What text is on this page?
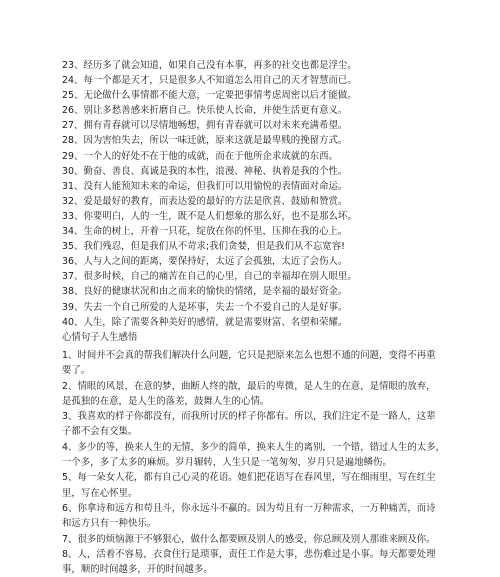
23、经历多了就会知道，如果自己没有本事，再多的社交也都是浮尘。
24、每一个都是天才，只是很多人不知道怎么用自己的天才智慧而已。
25、无论做什么事情都不能大意，一定要把事情考虑周密以后才能做。
26、别让多愁善感来折磨自己。快乐使人长命，并使生活更有意义。
27、拥有青春就可以尽情地畅想，拥有青春就可以对未来充满希望。
28、因为害怕失去，所以一味迁就，原来这就是最卑贱的挽留方式。
29、一个人的好处不在于他的成就，而在于他所企求成就的东西。
30、勤奋、善良、真诚是我的本性，浪漫、神秘、执着是我的个性。
31、没有人能预知未来的命运，但我们可以用愉悦的表情面对命运。
32、爱是最好的教育，而表达爱的最好的方法是欣喜、鼓励和赞赏。
33、你要明白，人的一生，既不是人们想象的那么好，也不是那么坏。
34、生命的树上，开着一只花，绽放在你的怀里，压抑在我的心上。
35、我们残忍，但是我们从不苛求;我们贪婪，但是我们从不忘宽容!
36、人与人之间的距离，要保持好，太远了会孤独，太近了会伤人。
37、很多时候，自己的痛苦在自己的心里，自己的幸福却在别人眼里。
38、良好的健康状况和由之而来的愉快的情绪，是幸福的最好资金。
39、失去一个自己所爱的人是坏事，失去一个不爱自己的人是好事。
40、人生，除了需要各种美好的感情，就是需要财富、名望和荣耀。
心情句子人生感悟
1、时间并不会真的帮我们解决什么问题，它只是把原来怎么也想不通的问题，变得不再重
要了。
2、情眼的风景，在意的梦，曲断人终的散，最后的卑微，是人生的在意，是情眼的放弃，
是孤独的在意，是人生的落差，鼓舞人生的心情。
3、我喜欢的样子你都没有，而我所讨厌的样子你都有。所以，我们注定不是一路人，这辈
子都不会有交集。
4、多少的等，换来人生的无情，多少的简单，换来人生的离别，一个错，错过人生的太多，
一个多，多了太多的麻烦。岁月辗转，人生只是一笔匆匆，岁月只是遍地鳞伤。
5、每一朵女人花，都有自己心灵的花语。她们把花语写在春风里，写在细雨里，写在红尘
里，写在心怀里。
6、你拿诗和远方和苟且斗，你永远斗不赢的。因为苟且有一万种需求，一万种痛苦，而诗
和远方只有一种快乐。
7、很多的烦恼源于不够狠心，做什么都要顾及别人的感受，你总顾及别人那谁来顾及你。
8、人，活着不容易，衣食住行是琐事，责任工作是大事，悲伤难过是小事。每天都要处理
事，顺的时间越多，开的时间越多。
